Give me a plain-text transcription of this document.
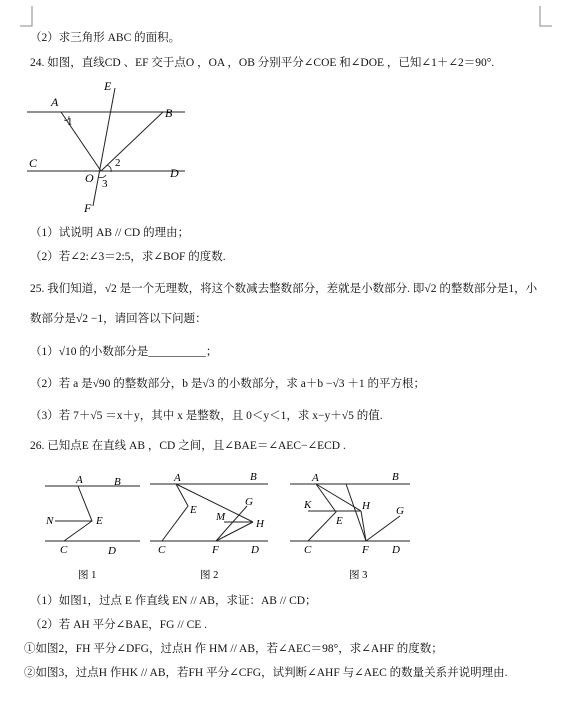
（2）求三角形 ABC 的面积。
24. 如图，直线CD 、EF 交于点O ，OA ，OB 分别平分∠COE 和∠DOE ，已知∠1＋∠2＝90°.
A
B
E
C
D
O
F
1
2
3
（1）试说明 AB // CD 的理由；
（2）若∠2:∠3＝2:5，求∠BOF 的度数.
25. 我们知道，√2 是一个无理数，将这个数减去整数部分，差就是小数部分. 即√2 的整数部分是1，小
数部分是√2 −1，请回答以下问题：
（1）√10 的小数部分是__________；
（2）若 a 是√90 的整数部分，b 是√3 的小数部分，求 a＋b −√3 ＋1 的平方根；
（3）若 7＋√5 ＝x＋y，其中 x 是整数，且 0＜y＜1，求 x−y＋√5 的值.
26. 已知点E 在直线 AB ，CD 之间，且∠BAE＝∠AEC−∠ECD .
A	B
N	E
C	D
A	B
E
G
M
H
C	F	D
A	B
K	H
E
G
C	F D
图 1	图 2	图 3
（1）如图1，过点 E 作直线 EN // AB，求证：AB // CD；
（2）若 AH 平分∠BAE，FG // CE .
①如图2，FH 平分∠DFG，过点H 作 HM // AB，若∠AEC＝98°，求∠AHF 的度数；
②如图3，过点H 作HK // AB，若FH 平分∠CFG，试判断∠AHF 与∠AEC 的数量关系并说明理由.
